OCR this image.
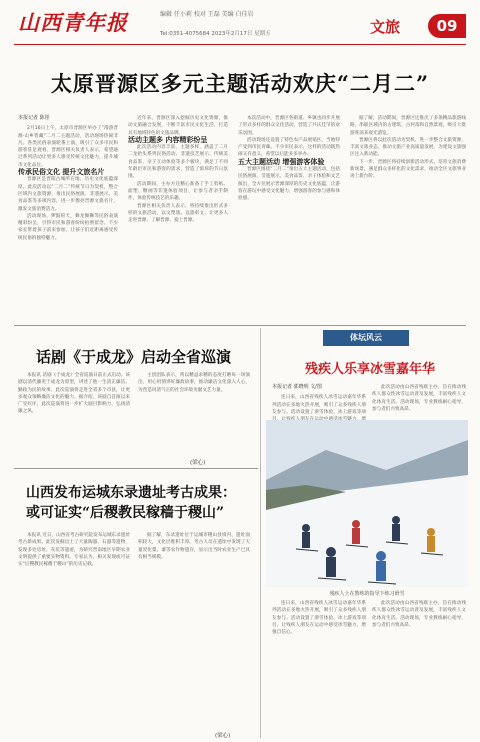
山西青年报	编辑 任小莉 校对 王磊 美编 白佳岩
Tel:0351-4075684 2023年2月17日 星期五	文旅	09
太原晋源区多元主题活动欢庆“二月二”
本报记者 陈彤

2月16日上午，太原市晋源区举办了“漫游晋源·山乡皆藏”二月二主题活动，活动现场热闹非凡。各类民俗表演轮番上演，吸引了众多市民和游客驻足观看。晋源区相关负责人表示，希望通过系列活动让更多人感受传统文化魅力，提升城市文化品位。

传承民俗文化 提升文旅名片

晋源区是晋阳古城所在地，历史文化底蕴深厚。此次活动以“二月二”传统节日为契机，整合区域内文旅资源，推出民俗展演、非遗展示、美食品鉴等多项内容，进一步擦亮晋源文旅名片，激发文旅消费活力。

活动现场，锣鼓喧天，舞龙舞狮等民俗表演精彩纷呈，引得市民和游客纷纷拍照留念。不少家长带着孩子前来参加，让孩子们近距离感受传统民俗的独特魅力。

近年来，晋源区深入挖掘历史文化资源，推动文旅融合发展，不断丰富市民文化生活，打造具有地域特色的文旅品牌。

活动主题多 内容精彩纷呈

此次活动内容丰富，主题多样，涵盖了二月二龙抬头系列民俗活动、非遗技艺展示、传统美食品鉴、亲子互动体验等多个板块，满足了不同年龄层市民和游客的需求，营造了浓厚的节日氛围。

活动期间，主办方还精心准备了手工剪纸、面塑、糖画等非遗体验项目，让参与者亲手制作，体验传统技艺的乐趣。

晋源区相关负责人表示，将持续推出形式多样的文旅活动，以文塑旅、以旅彰文，让更多人走进晋源、了解晋源、爱上晋源。

本次活动中，晋源区各街道、乡镇也同步开展了形式多样的群众文化活动，营造了共庆佳节的欢乐氛围。

活动现场还设置了特色农产品展销区，当地特产受到市民青睐。不少市民表示，这样的活动既热闹又有意义，希望以后能多多举办。

五大主题活动 增强游客体验

晋源区围绕“二月二”推出五大主题活动，包括民俗展演、非遗展示、美食品鉴、亲子体验和文艺演出，全方位展示晋源深厚的历史文化底蕴，让游客在游玩中感受文化魅力，增强游客的参与感和体验感。

据了解，活动期间，晋源区还推出了多条精品旅游线路，串联区域内的古建筑、古村落和自然景观，吸引大批游客前来观光游览。

晋源区将以此次活动为契机，进一步整合文旅资源，丰富文旅业态，推动文旅产业高质量发展，为建设文旅强区注入新动能。

下一步，晋源区将持续创新活动形式，培育文旅消费新场景，满足群众多样化的文化需求，推动全区文旅事业再上新台阶。

话剧《于成龙》启动全省巡演

本报讯 话剧《于成龙》全省巡演日前正式启动。该剧以清代廉吏于成龙为原型，讲述了他一生清正廉洁、勤政为民的故事。此次巡演将走进全省多个市县，让更多观众领略廉洁文化的魅力。据介绍，该剧自首演以来广受好评，此次巡演将进一步扩大剧目影响力，弘扬清廉之风。

主创团队表示，将以精益求精的态度打磨每一场演出，用心用情讲好廉政故事，推动廉洁文化深入人心，为营造风清气正的社会环境贡献文艺力量。

(梁心)
山西发布运城东录遗址考古成果：
或可证实“后稷教民稼穑于稷山”

本报讯 近日，山西省考古研究院发布运城东录遗址考古新成果。此次发掘出土了大量陶器、石器等遗物，发现多处房址、灰坑等遗迹，为研究晋南地区早期农业文明提供了重要实物资料。专家认为，相关发现或可证实“后稷教民稼穑于稷山”的历史记载。

据了解，东录遗址位于运城市稷山县境内，遗址面积较大，文化层堆积丰厚。考古人员在遗址中发现了大量炭化粟、黍等农作物遗存，显示出当时农业生产已具有相当规模。

(梁心)
体坛风云
残疾人乐享冰雪嘉年华
本报记者 郭晓明 文/图

连日来，山西省残疾人冰雪运动嘉年华系列活动在多地火热开展，吸引了众多残疾人朋友参与。活动设置了滑雪体验、冰上游戏等项

此次活动由山西省残联主办，旨在推动残疾人群众性冰雪运动普及发展，丰富残疾人文化体育生活。活动现场，专业教练耐心指导，参与者们兴致高昂。

残疾人士在教练的指导下练习滑雪

连日来，山西省残疾人冰雪运动嘉年华系列活动在多地火热开展，吸引了众多残疾人朋友参与。活动设置了滑雪体验、冰上游戏等项目，让残疾人朋友在运动中感受冰雪魅力，增强自信心。

此次活动由山西省残联主办，旨在推动残疾人群众性冰雪运动普及发展，丰富残疾人文化体育生活。活动现场，专业教练耐心指导，参与者们兴致高昂。
